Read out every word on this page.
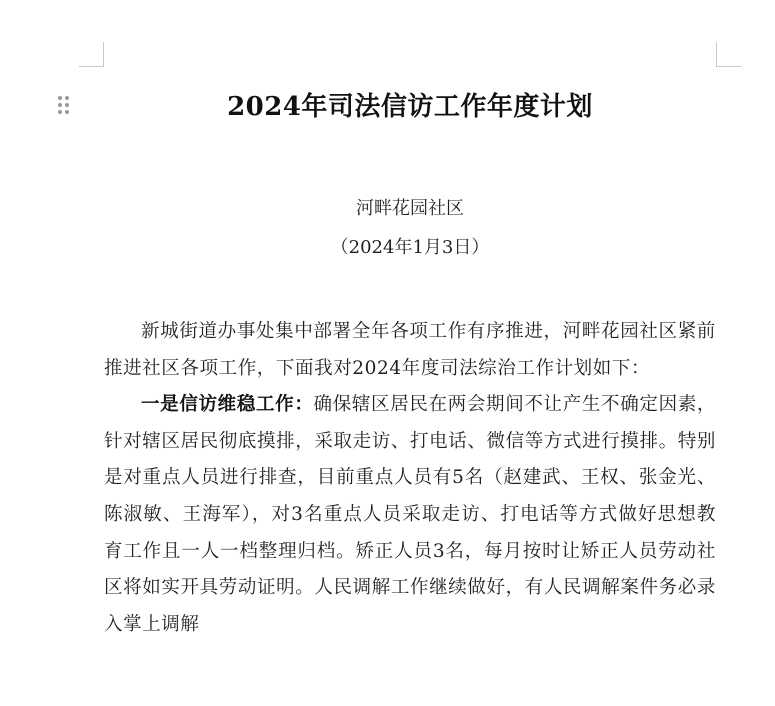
2024年司法信访工作年度计划
河畔花园社区
（2024年1月3日）

新城街道办事处集中部署全年各项工作有序推进，河畔花园社区紧前推进社区各项工作，下面我对2024年度司法综治工作计划如下：

一是信访维稳工作：确保辖区居民在两会期间不让产生不确定因素，针对辖区居民彻底摸排，采取走访、打电话、微信等方式进行摸排。特别是对重点人员进行排查，目前重点人员有5名（赵建武、王权、张金光、陈淑敏、王海军），对3名重点人员采取走访、打电话等方式做好思想教育工作且一人一档整理归档。矫正人员3名，每月按时让矫正人员劳动社区将如实开具劳动证明。人民调解工作继续做好，有人民调解案件务必录入掌上调解
